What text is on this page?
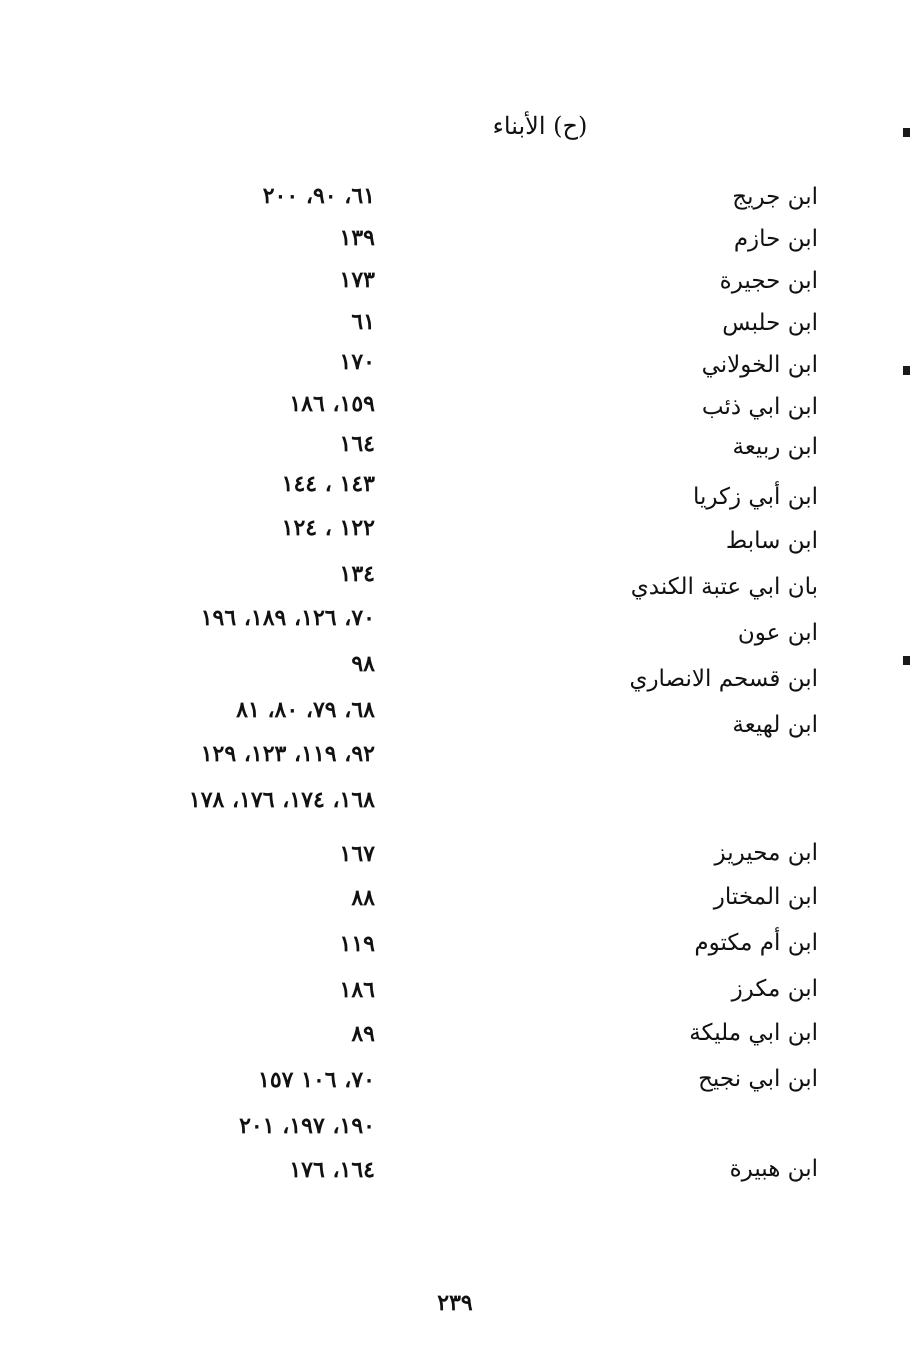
(ح) الأبناء
ابن جريج
٦١، ٩٠، ٢٠٠
ابن حازم
١٣٩
ابن حجيرة
١٧٣
ابن حلبس
٦١
ابن الخولاني
١٧٠
ابن ابي ذئب
١٥٩، ١٨٦
ابن ربيعة
١٦٤
ابن أبي زكريا
١٤٣ ، ١٤٤
ابن سابط
١٢٢ ، ١٢٤
بان ابي عتبة الكندي
١٣٤
ابن عون
٧٠، ١٢٦، ١٨٩، ١٩٦
ابن قسحم الانصاري
٩٨
ابن لهيعة
٦٨، ٧٩، ٨٠، ٨١
٩٢، ١١٩، ١٢٣، ١٢٩
١٦٨، ١٧٤، ١٧٦، ١٧٨
ابن محيريز
١٦٧
ابن المختار
٨٨
ابن أم مكتوم
١١٩
ابن مكرز
١٨٦
ابن ابي مليكة
٨٩
ابن ابي نجيح
٧٠، ١٠٦ ١٥٧
١٩٠، ١٩٧، ٢٠١
ابن هبيرة
١٦٤، ١٧٦
٢٣٩
